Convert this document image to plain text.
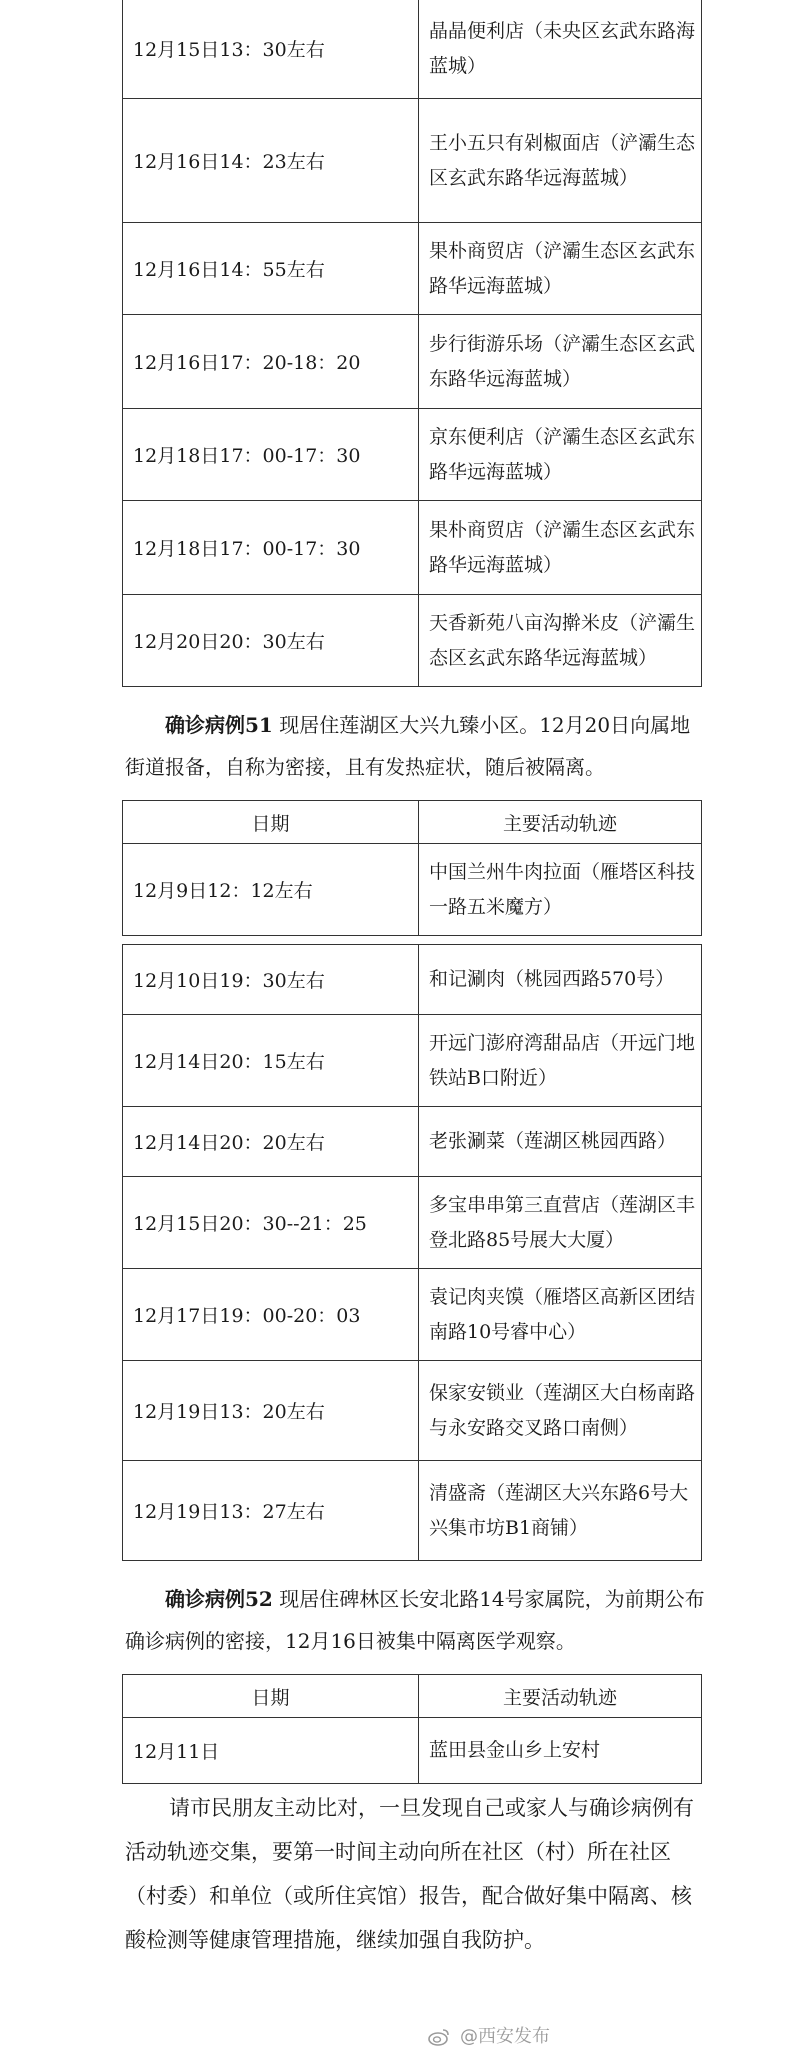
12月15日13：30左右	晶晶便利店（未央区玄武东路海蓝城）
12月16日14：23左右	王小五只有剁椒面店（浐灞生态区玄武东路华远海蓝城）
12月16日14：55左右	果朴商贸店（浐灞生态区玄武东路华远海蓝城）
12月16日17：20-18：20	步行街游乐场（浐灞生态区玄武东路华远海蓝城）
12月18日17：00-17：30	京东便利店（浐灞生态区玄武东路华远海蓝城）
12月18日17：00-17：30	果朴商贸店（浐灞生态区玄武东路华远海蓝城）
12月20日20：30左右	天香新苑八亩沟擀米皮（浐灞生态区玄武东路华远海蓝城）

确诊病例51 现居住莲湖区大兴九臻小区。12月20日向属地街道报备，自称为密接，且有发热症状，随后被隔离。

日期	主要活动轨迹
12月9日12：12左右	中国兰州牛肉拉面（雁塔区科技一路五米魔方）
12月10日19：30左右	和记涮肉（桃园西路570号）
12月14日20：15左右	开远门澎府湾甜品店（开远门地铁站B口附近）
12月14日20：20左右	老张涮菜（莲湖区桃园西路）
12月15日20：30--21：25	多宝串串第三直营店（莲湖区丰登北路85号展大大厦）
12月17日19：00-20：03	袁记肉夹馍（雁塔区高新区团结南路10号睿中心）
12月19日13：20左右	保家安锁业（莲湖区大白杨南路与永安路交叉路口南侧）
12月19日13：27左右	清盛斋（莲湖区大兴东路6号大兴集市坊B1商铺）

确诊病例52 现居住碑林区长安北路14号家属院，为前期公布确诊病例的密接，12月16日被集中隔离医学观察。

日期	主要活动轨迹
12月11日	蓝田县金山乡上安村

请市民朋友主动比对，一旦发现自己或家人与确诊病例有活动轨迹交集，要第一时间主动向所在社区（村）所在社区（村委）和单位（或所住宾馆）报告，配合做好集中隔离、核酸检测等健康管理措施，继续加强自我防护。

@西安发布
